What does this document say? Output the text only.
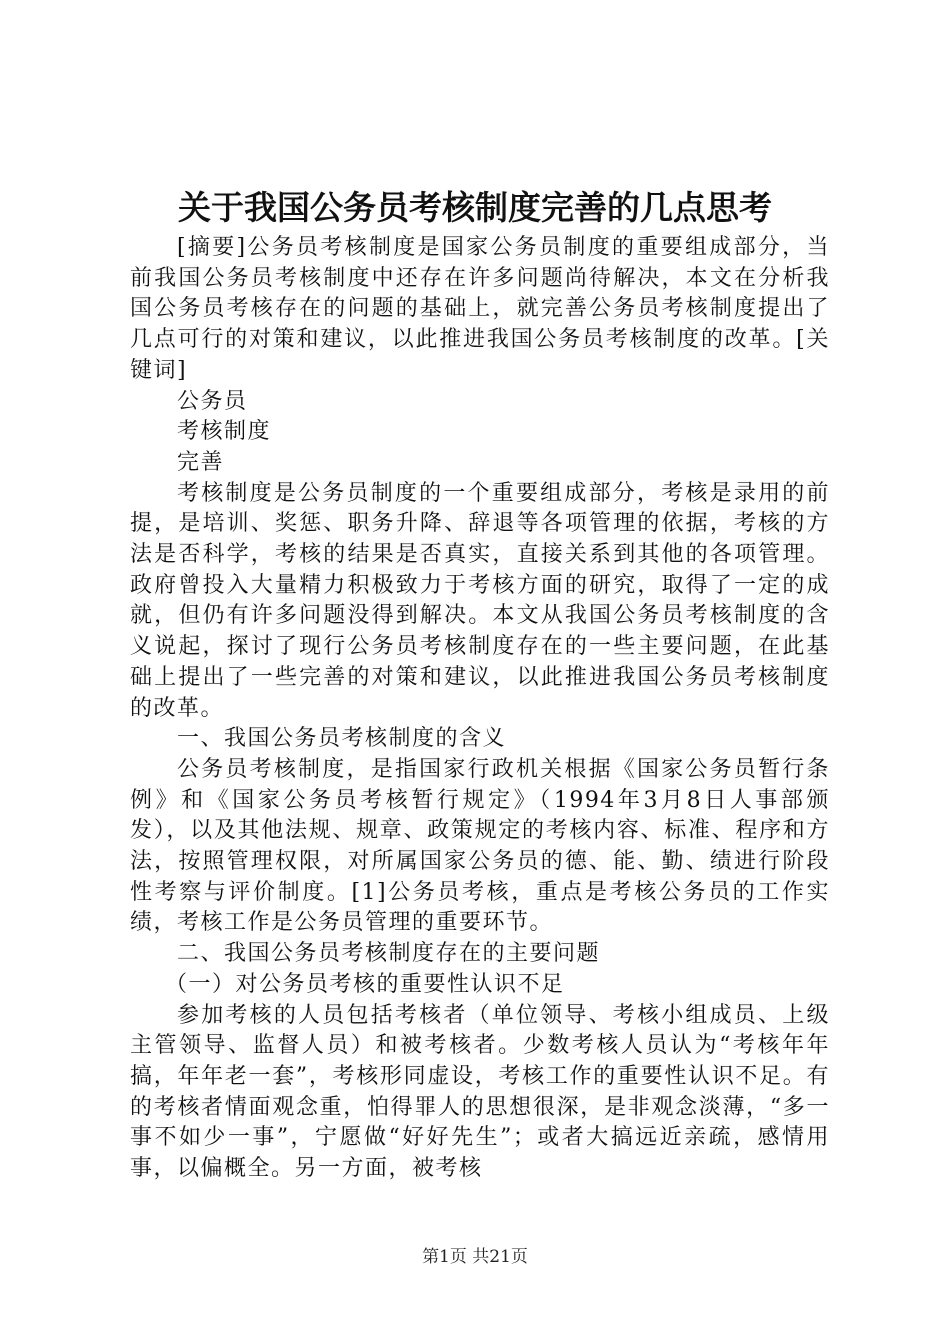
关于我国公务员考核制度完善的几点思考

[摘要]公务员考核制度是国家公务员制度的重要组成部分，当前我国公务员考核制度中还存在许多问题尚待解决，本文在分析我国公务员考核存在的问题的基础上，就完善公务员考核制度提出了几点可行的对策和建议，以此推进我国公务员考核制度的改革。[关键词]

公务员

考核制度

完善

考核制度是公务员制度的一个重要组成部分，考核是录用的前提，是培训、奖惩、职务升降、辞退等各项管理的依据，考核的方法是否科学，考核的结果是否真实，直接关系到其他的各项管理。政府曾投入大量精力积极致力于考核方面的研究，取得了一定的成就，但仍有许多问题没得到解决。本文从我国公务员考核制度的含义说起，探讨了现行公务员考核制度存在的一些主要问题，在此基础上提出了一些完善的对策和建议，以此推进我国公务员考核制度的改革。

一、我国公务员考核制度的含义

公务员考核制度，是指国家行政机关根据《国家公务员暂行条例》和《国家公务员考核暂行规定》（1994年3月8日人事部颁发），以及其他法规、规章、政策规定的考核内容、标准、程序和方法，按照管理权限，对所属国家公务员的德、能、勤、绩进行阶段性考察与评价制度。[1]公务员考核，重点是考核公务员的工作实绩，考核工作是公务员管理的重要环节。

二、我国公务员考核制度存在的主要问题

（一）对公务员考核的重要性认识不足

参加考核的人员包括考核者（单位领导、考核小组成员、上级主管领导、监督人员）和被考核者。少数考核人员认为“考核年年搞，年年老一套”，考核形同虚设，考核工作的重要性认识不足。有的考核者情面观念重，怕得罪人的思想很深，是非观念淡薄，“多一事不如少一事”，宁愿做“好好先生”；或者大搞远近亲疏，感情用事，以偏概全。另一方面，被考核

第1页 共21页
